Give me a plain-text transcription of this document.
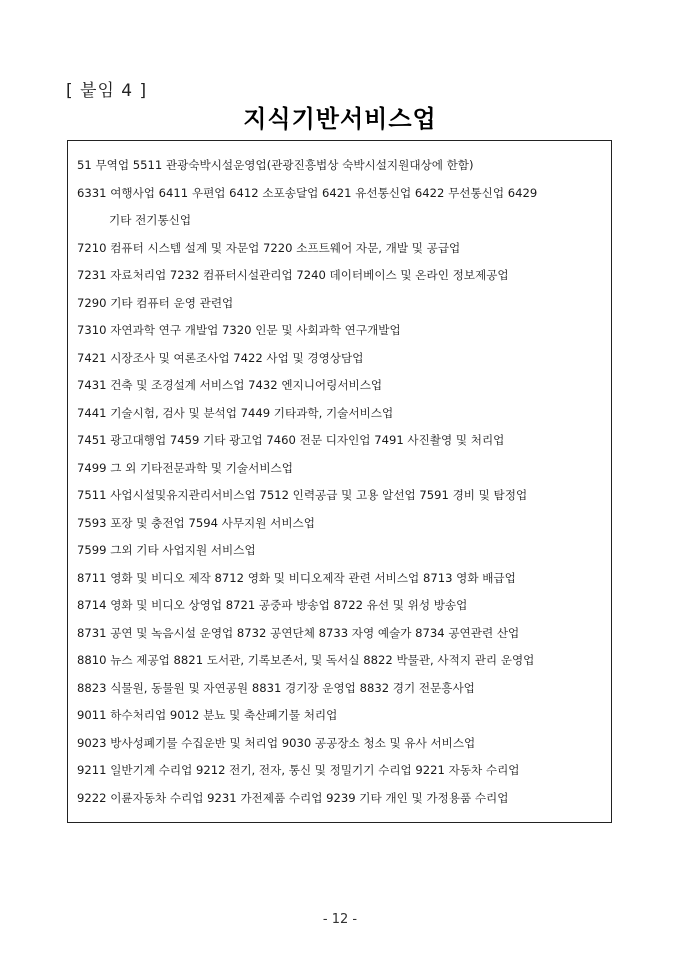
[ 붙임 4 ]
지식기반서비스업
51 무역업 5511 관광숙박시설운영업(관광진흥법상 숙박시설지원대상에 한함)
6331 여행사업 6411 우편업 6412 소포송달업 6421 유선통신업 6422 무선통신업 6429
기타 전기통신업
7210 컴퓨터 시스템 설계 및 자문업 7220 소프트웨어 자문, 개발 및 공급업
7231 자료처리업 7232 컴퓨터시설관리업 7240 데이터베이스 및 온라인 정보제공업
7290 기타 컴퓨터 운영 관련업
7310 자연과학 연구 개발업 7320 인문 및 사회과학 연구개발업
7421 시장조사 및 여론조사업 7422 사업 및 경영상담업
7431 건축 및 조경설계 서비스업 7432 엔지니어링서비스업
7441 기술시험, 검사 및 분석업 7449 기타과학, 기술서비스업
7451 광고대행업 7459 기타 광고업 7460 전문 디자인업 7491 사진촬영 및 처리업
7499 그 외 기타전문과학 및 기술서비스업
7511 사업시설및유지관리서비스업 7512 인력공급 및 고용 알선업 7591 경비 및 탐정업
7593 포장 및 충전업 7594 사무지원 서비스업
7599 그외 기타 사업지원 서비스업
8711 영화 및 비디오 제작 8712 영화 및 비디오제작 관련 서비스업 8713 영화 배급업
8714 영화 및 비디오 상영업 8721 공중파 방송업 8722 유선 및 위성 방송업
8731 공연 및 녹음시설 운영업 8732 공연단체 8733 자영 예술가 8734 공연관련 산업
8810 뉴스 제공업 8821 도서관, 기록보존서, 및 독서실 8822 박물관, 사적지 관리 운영업
8823 식물원, 동물원 및 자연공원 8831 경기장 운영업 8832 경기 전문흥사업
9011 하수처리업 9012 분뇨 및 축산폐기물 처리업
9023 방사성폐기물 수집운반 및 처리업 9030 공공장소 청소 및 유사 서비스업
9211 일반기계 수리업 9212 전기, 전자, 통신 및 정밀기기 수리업 9221 자동차 수리업
9222 이륜자동차 수리업 9231 가전제품 수리업 9239 기타 개인 및 가정용품 수리업
- 12 -
